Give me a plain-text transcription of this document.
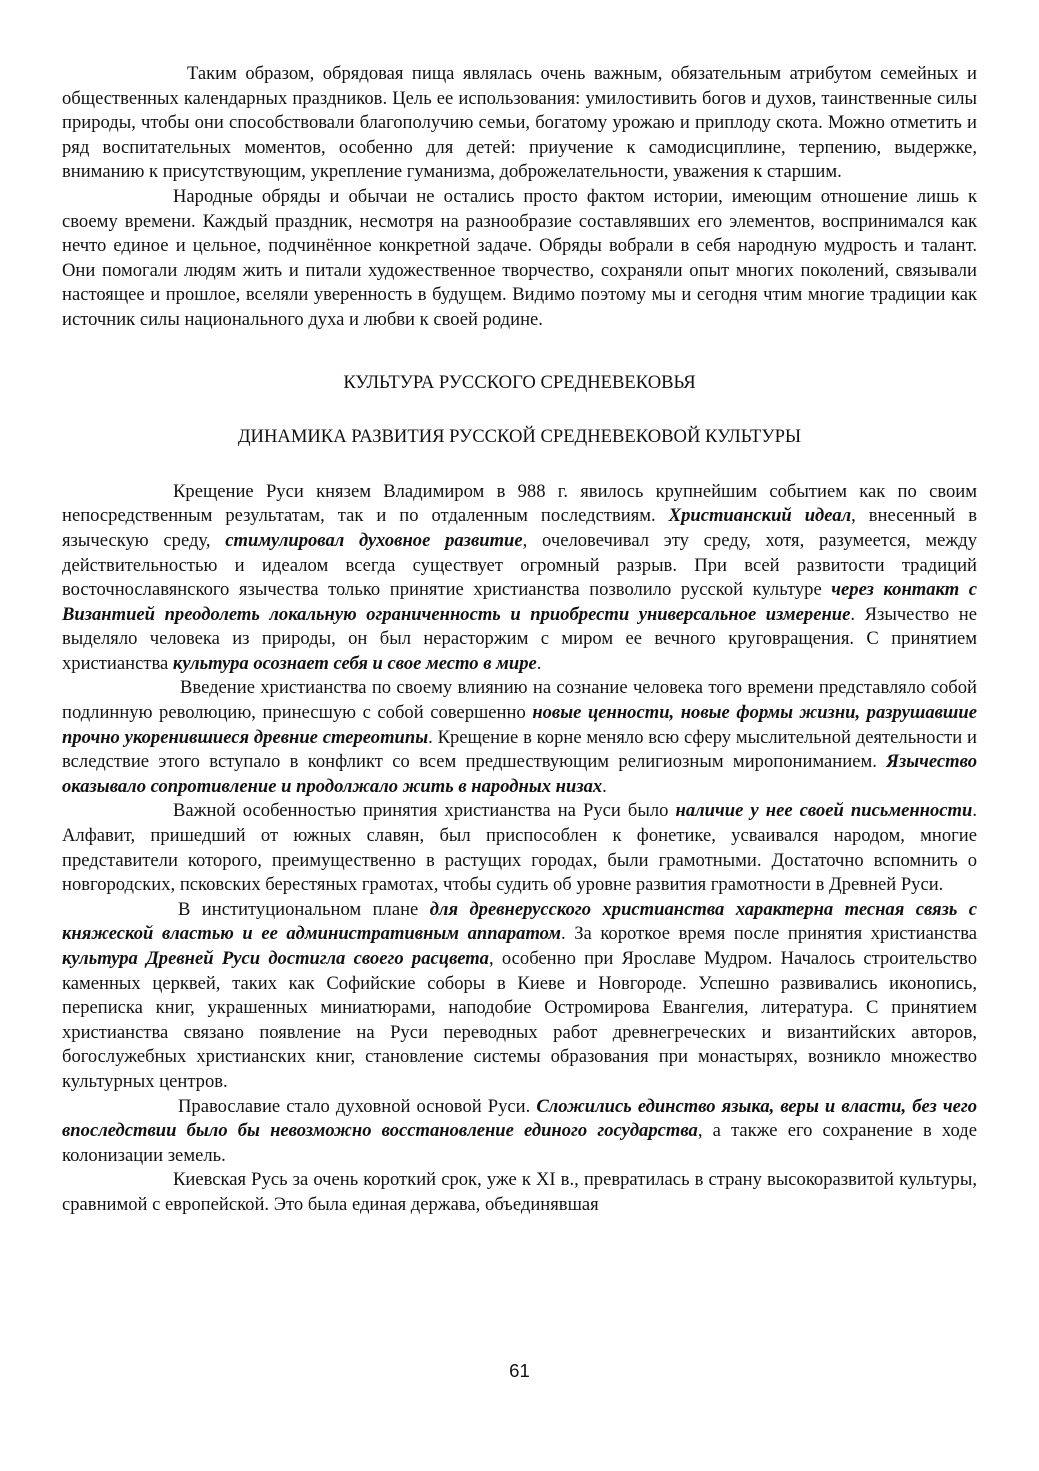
Таким образом, обрядовая пища являлась очень важным, обязательным атрибутом семейных и общественных календарных праздников. Цель ее использования: умилостивить богов и духов, таинственные силы природы, чтобы они способствовали благополучию семьи, богатому урожаю и приплоду скота. Можно отметить и ряд воспитательных моментов, особенно для детей: приучение к самодисциплине, терпению, выдержке, вниманию к присутствующим, укрепление гуманизма, доброжелательности, уважения к старшим.

Народные обряды и обычаи не остались просто фактом истории, имеющим отношение лишь к своему времени. Каждый праздник, несмотря на разнообразие составлявших его элементов, воспринимался как нечто единое и цельное, подчинённое конкретной задаче. Обряды вобрали в себя народную мудрость и талант. Они помогали людям жить и питали художественное творчество, сохраняли опыт многих поколений, связывали настоящее и прошлое, вселяли уверенность в будущем. Видимо поэтому мы и сегодня чтим многие традиции как источник силы национального духа и любви к своей родине.

КУЛЬТУРА РУССКОГО СРЕДНЕВЕКОВЬЯ

ДИНАМИКА РАЗВИТИЯ РУССКОЙ СРЕДНЕВЕКОВОЙ КУЛЬТУРЫ

Крещение Руси князем Владимиром в 988 г. явилось крупнейшим событием как по своим непосредственным результатам, так и по отдаленным последствиям. Христианский идеал, внесенный в языческую среду, стимулировал духовное развитие, очеловечивал эту среду, хотя, разумеется, между действительностью и идеалом всегда существует огромный разрыв. При всей развитости традиций восточнославянского язычества только принятие христианства позволило русской культуре через контакт с Византией преодолеть локальную ограниченность и приобрести универсальное измерение. Язычество не выделяло человека из природы, он был нерасторжим с миром ее вечного круговращения. С принятием христианства культура осознает себя и свое место в мире.

Введение христианства по своему влиянию на сознание человека того времени представляло собой подлинную революцию, принесшую с собой совершенно новые ценности, новые формы жизни, разрушавшие прочно укоренившиеся древние стереотипы. Крещение в корне меняло всю сферу мыслительной деятельности и вследствие этого вступало в конфликт со всем предшествующим религиозным миропониманием. Язычество оказывало сопротивление и продолжало жить в народных низах.

Важной особенностью принятия христианства на Руси было наличие у нее своей письменности. Алфавит, пришедший от южных славян, был приспособлен к фонетике, усваивался народом, многие представители которого, преимущественно в растущих городах, были грамотными. Достаточно вспомнить о новгородских, псковских берестяных грамотах, чтобы судить об уровне развития грамотности в Древней Руси.

В институциональном плане для древнерусского христианства характерна тесная связь с княжеской властью и ее административным аппаратом. За короткое время после принятия христианства культура Древней Руси достигла своего расцвета, особенно при Ярославе Мудром. Началось строительство каменных церквей, таких как Софийские соборы в Киеве и Новгороде. Успешно развивались иконопись, переписка книг, украшенных миниатюрами, наподобие Остромирова Евангелия, литература. С принятием христианства связано появление на Руси переводных работ древнегреческих и византийских авторов, богослужебных христианских книг, становление системы образования при монастырях, возникло множество культурных центров.

Православие стало духовной основой Руси. Сложились единство языка, веры и власти, без чего впоследствии было бы невозможно восстановление единого государства, а также его сохранение в ходе колонизации земель.

Киевская Русь за очень короткий срок, уже к XI в., превратилась в страну высокоразвитой культуры, сравнимой с европейской. Это была единая держава, объединявшая

61
